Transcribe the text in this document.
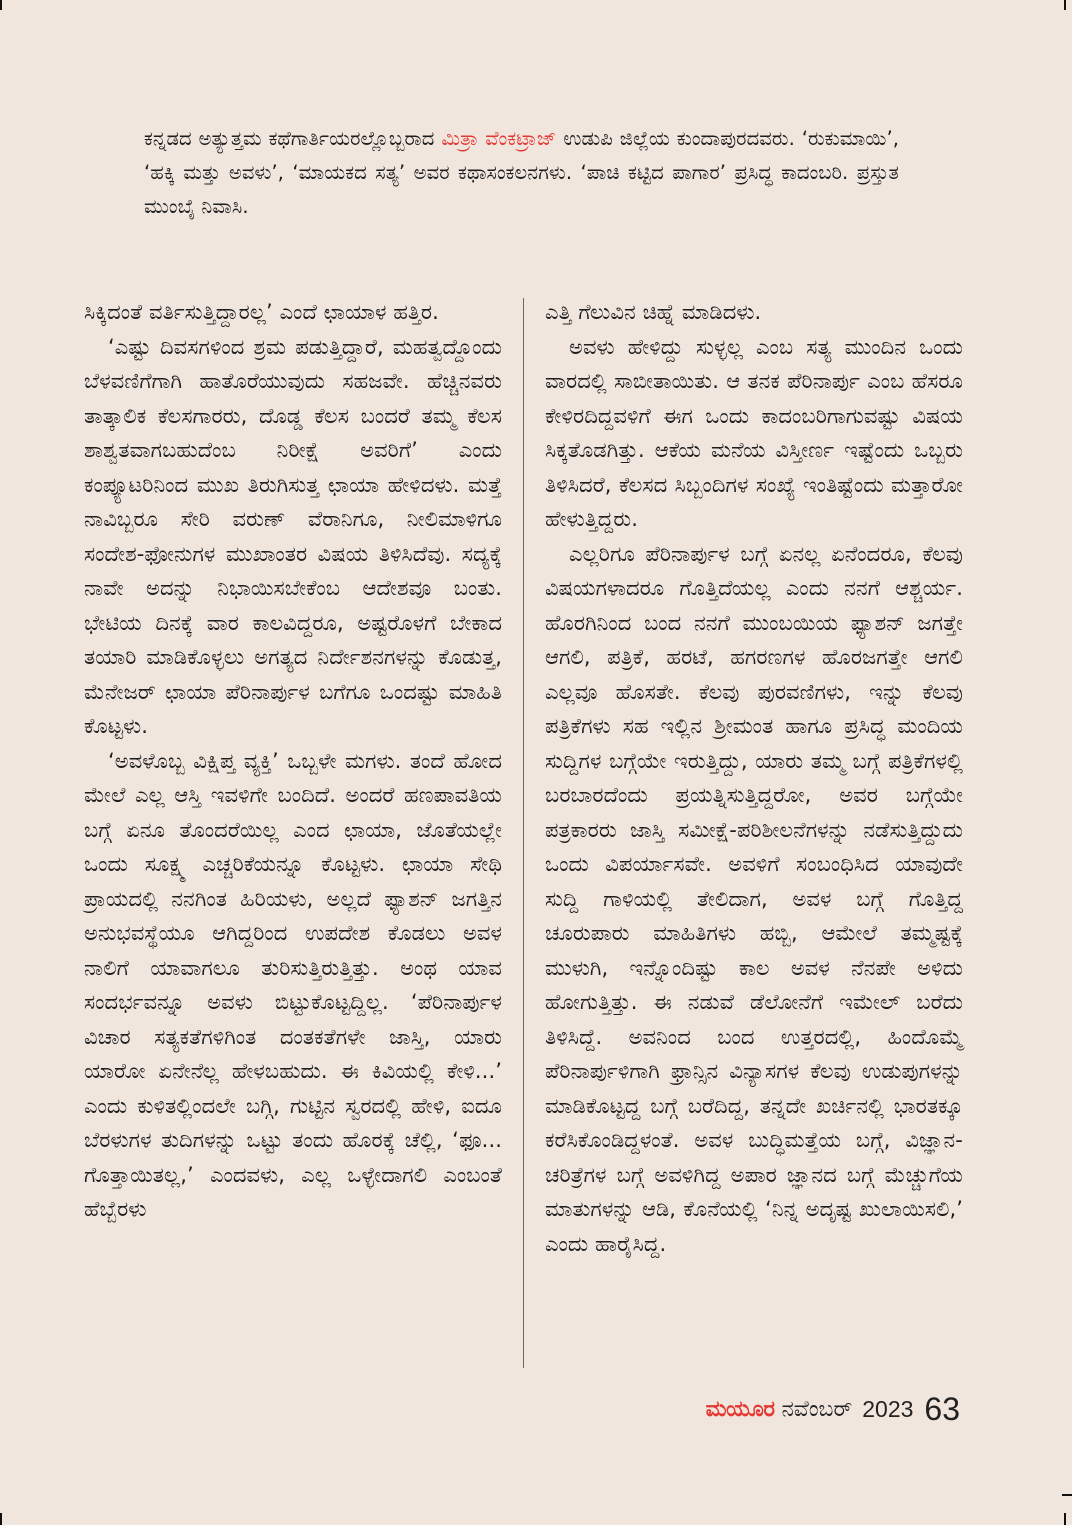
ಕನ್ನಡದ ಅತ್ಯುತ್ತಮ ಕಥೆಗಾರ್ತಿಯರಲ್ಲೊಬ್ಬರಾದ ಮಿತ್ರಾ ವೆಂಕಟ್ರಾಜ್ ಉಡುಪಿ ಜಿಲ್ಲೆಯ ಕುಂದಾಪುರದವರು. ‘ರುಕುಮಾಯಿ’, ‘ಹಕ್ಕಿ ಮತ್ತು ಅವಳು’, ‘ಮಾಯಕದ ಸತ್ಯ’ ಅವರ ಕಥಾಸಂಕಲನಗಳು. ‘ಪಾಚಿ ಕಟ್ಟಿದ ಪಾಗಾರ’ ಪ್ರಸಿದ್ಧ ಕಾದಂಬರಿ. ಪ್ರಸ್ತುತ ಮುಂಬೈ ನಿವಾಸಿ.

ಸಿಕ್ಕಿದಂತೆ ವರ್ತಿಸುತ್ತಿದ್ದಾರಲ್ಲ’ ಎಂದೆ ಛಾಯಾಳ ಹತ್ತಿರ.

‘ಎಷ್ಟು ದಿವಸಗಳಿಂದ ಶ್ರಮ ಪಡುತ್ತಿದ್ದಾರೆ, ಮಹತ್ವದ್ದೊಂದು ಬೆಳವಣಿಗೆಗಾಗಿ ಹಾತೊರೆಯುವುದು ಸಹಜವೇ. ಹೆಚ್ಚಿನವರು ತಾತ್ಕಾಲಿಕ ಕೆಲಸಗಾರರು, ದೊಡ್ಡ ಕೆಲಸ ಬಂದರೆ ತಮ್ಮ ಕೆಲಸ ಶಾಶ್ವತವಾಗಬಹುದೆಂಬ ನಿರೀಕ್ಷೆ ಅವರಿಗೆ’ ಎಂದು ಕಂಪ್ಯೂಟರಿನಿಂದ ಮುಖ ತಿರುಗಿಸುತ್ತ ಛಾಯಾ ಹೇಳಿದಳು. ಮತ್ತೆ ನಾವಿಬ್ಬರೂ ಸೇರಿ ವರುಣ್ ವೆರಾನಿಗೂ, ನೀಲಿಮಾಳಿಗೂ ಸಂದೇಶ-ಫೋನುಗಳ ಮುಖಾಂತರ ವಿಷಯ ತಿಳಿಸಿದೆವು. ಸದ್ಯಕ್ಕೆ ನಾವೇ ಅದನ್ನು ನಿಭಾಯಿಸಬೇಕೆಂಬ ಆದೇಶವೂ ಬಂತು. ಭೇಟಿಯ ದಿನಕ್ಕೆ ವಾರ ಕಾಲವಿದ್ದರೂ, ಅಷ್ಟರೊಳಗೆ ಬೇಕಾದ ತಯಾರಿ ಮಾಡಿಕೊಳ್ಳಲು ಅಗತ್ಯದ ನಿರ್ದೇಶನಗಳನ್ನು ಕೊಡುತ್ತ, ಮೆನೇಜರ್ ಛಾಯಾ ಪೆರಿನಾರ್ಪುಳ ಬಗೆಗೂ ಒಂದಷ್ಟು ಮಾಹಿತಿ ಕೊಟ್ಟಳು.

‘ಅವಳೊಬ್ಬ ವಿಕ್ಷಿಪ್ತ ವ್ಯಕ್ತಿ’ ಒಬ್ಬಳೇ ಮಗಳು. ತಂದೆ ಹೋದ ಮೇಲೆ ಎಲ್ಲ ಆಸ್ತಿ ಇವಳಿಗೇ ಬಂದಿದೆ. ಅಂದರೆ ಹಣಪಾವತಿಯ ಬಗ್ಗೆ ಏನೂ ತೊಂದರೆಯಿಲ್ಲ ಎಂದ ಛಾಯಾ, ಜೊತೆಯಲ್ಲೇ ಒಂದು ಸೂಕ್ಷ್ಮ ಎಚ್ಚರಿಕೆಯನ್ನೂ ಕೊಟ್ಟಳು. ಛಾಯಾ ಸೇಥಿ ಪ್ರಾಯದಲ್ಲಿ ನನಗಿಂತ ಹಿರಿಯಳು, ಅಲ್ಲದೆ ಫ್ಯಾಶನ್ ಜಗತ್ತಿನ ಅನುಭವಸ್ಥೆಯೂ ಆಗಿದ್ದರಿಂದ ಉಪದೇಶ ಕೊಡಲು ಅವಳ ನಾಲಿಗೆ ಯಾವಾಗಲೂ ತುರಿಸುತ್ತಿರುತ್ತಿತ್ತು. ಅಂಥ ಯಾವ ಸಂದರ್ಭವನ್ನೂ ಅವಳು ಬಿಟ್ಟುಕೊಟ್ಟದ್ದಿಲ್ಲ. ‘ಪೆರಿನಾರ್ಪುಳ ವಿಚಾರ ಸತ್ಯಕತೆಗಳಿಗಿಂತ ದಂತಕತೆಗಳೇ ಜಾಸ್ತಿ, ಯಾರು ಯಾರೋ ಏನೇನೆಲ್ಲ ಹೇಳಬಹುದು. ಈ ಕಿವಿಯಲ್ಲಿ ಕೇಳಿ...’ ಎಂದು ಕುಳಿತಲ್ಲಿಂದಲೇ ಬಗ್ಗಿ, ಗುಟ್ಟಿನ ಸ್ವರದಲ್ಲಿ ಹೇಳಿ, ಐದೂ ಬೆರಳುಗಳ ತುದಿಗಳನ್ನು ಒಟ್ಟು ತಂದು ಹೊರಕ್ಕೆ ಚೆಲ್ಲಿ, ‘ಫೂ... ಗೊತ್ತಾಯಿತಲ್ಲ,’ ಎಂದವಳು, ಎಲ್ಲ ಒಳ್ಳೇದಾಗಲಿ ಎಂಬಂತೆ ಹೆಬ್ಬೆರಳು

ಎತ್ತಿ ಗೆಲುವಿನ ಚಿಹ್ನೆ ಮಾಡಿದಳು.

ಅವಳು ಹೇಳಿದ್ದು ಸುಳ್ಳಲ್ಲ ಎಂಬ ಸತ್ಯ ಮುಂದಿನ ಒಂದು ವಾರದಲ್ಲಿ ಸಾಬೀತಾಯಿತು. ಆ ತನಕ ಪೆರಿನಾರ್ಪು ಎಂಬ ಹೆಸರೂ ಕೇಳಿರದಿದ್ದವಳಿಗೆ ಈಗ ಒಂದು ಕಾದಂಬರಿಗಾಗುವಷ್ಟು ವಿಷಯ ಸಿಕ್ಕತೊಡಗಿತ್ತು. ಆಕೆಯ ಮನೆಯ ವಿಸ್ತೀರ್ಣ ಇಷ್ಟೆಂದು ಒಬ್ಬರು ತಿಳಿಸಿದರೆ, ಕೆಲಸದ ಸಿಬ್ಬಂದಿಗಳ ಸಂಖ್ಯೆ ಇಂತಿಷ್ಟೆಂದು ಮತ್ತಾರೋ ಹೇಳುತ್ತಿದ್ದರು.

ಎಲ್ಲರಿಗೂ ಪೆರಿನಾರ್ಪುಳ ಬಗ್ಗೆ ಏನಲ್ಲ ಏನೆಂದರೂ, ಕೆಲವು ವಿಷಯಗಳಾದರೂ ಗೊತ್ತಿದೆಯಲ್ಲ ಎಂದು ನನಗೆ ಆಶ್ಚರ್ಯ. ಹೊರಗಿನಿಂದ ಬಂದ ನನಗೆ ಮುಂಬಯಿಯ ಫ್ಯಾಶನ್ ಜಗತ್ತೇ ಆಗಲಿ, ಪತ್ರಿಕೆ, ಹರಟೆ, ಹಗರಣಗಳ ಹೊರಜಗತ್ತೇ ಆಗಲಿ ಎಲ್ಲವೂ ಹೊಸತೇ. ಕೆಲವು ಪುರವಣಿಗಳು, ಇನ್ನು ಕೆಲವು ಪತ್ರಿಕೆಗಳು ಸಹ ಇಲ್ಲಿನ ಶ್ರೀಮಂತ ಹಾಗೂ ಪ್ರಸಿದ್ಧ ಮಂದಿಯ ಸುದ್ದಿಗಳ ಬಗ್ಗೆಯೇ ಇರುತ್ತಿದ್ದು, ಯಾರು ತಮ್ಮ ಬಗ್ಗೆ ಪತ್ರಿಕೆಗಳಲ್ಲಿ ಬರಬಾರದೆಂದು ಪ್ರಯತ್ನಿಸುತ್ತಿದ್ದರೋ, ಅವರ ಬಗ್ಗೆಯೇ ಪತ್ರಕಾರರು ಜಾಸ್ತಿ ಸಮೀಕ್ಷೆ-ಪರಿಶೀಲನೆಗಳನ್ನು ನಡೆಸುತ್ತಿದ್ದುದು ಒಂದು ವಿಪರ್ಯಾಸವೇ. ಅವಳಿಗೆ ಸಂಬಂಧಿಸಿದ ಯಾವುದೇ ಸುದ್ದಿ ಗಾಳಿಯಲ್ಲಿ ತೇಲಿದಾಗ, ಅವಳ ಬಗ್ಗೆ ಗೊತ್ತಿದ್ದ ಚೂರುಪಾರು ಮಾಹಿತಿಗಳು ಹಬ್ಬಿ, ಆಮೇಲೆ ತಮ್ಮಷ್ಟಕ್ಕೆ ಮುಳುಗಿ, ಇನ್ನೊಂದಿಷ್ಟು ಕಾಲ ಅವಳ ನೆನಪೇ ಅಳಿದು ಹೋಗುತ್ತಿತ್ತು. ಈ ನಡುವೆ ಡೆಲೋನೆಗೆ ಇಮೇಲ್ ಬರೆದು ತಿಳಿಸಿದ್ದೆ. ಅವನಿಂದ ಬಂದ ಉತ್ತರದಲ್ಲಿ, ಹಿಂದೊಮ್ಮೆ ಪೆರಿನಾರ್ಪುಳಿಗಾಗಿ ಫ್ರಾನ್ಸಿನ ವಿನ್ಯಾಸಗಳ ಕೆಲವು ಉಡುಪುಗಳನ್ನು ಮಾಡಿಕೊಟ್ಟದ್ದ ಬಗ್ಗೆ ಬರೆದಿದ್ದ, ತನ್ನದೇ ಖರ್ಚಿನಲ್ಲಿ ಭಾರತಕ್ಕೂ ಕರೆಸಿಕೊಂಡಿದ್ದಳಂತೆ. ಅವಳ ಬುದ್ಧಿಮತ್ತೆಯ ಬಗ್ಗೆ, ವಿಜ್ಞಾನ-ಚರಿತ್ರೆಗಳ ಬಗ್ಗೆ ಅವಳಿಗಿದ್ದ ಅಪಾರ ಜ್ಞಾನದ ಬಗ್ಗೆ ಮೆಚ್ಚುಗೆಯ ಮಾತುಗಳನ್ನು ಆಡಿ, ಕೊನೆಯಲ್ಲಿ ‘ನಿನ್ನ ಅದೃಷ್ಟ ಖುಲಾಯಿಸಲಿ,’ ಎಂದು ಹಾರೈಸಿದ್ದ.

ಮಯೂರ ನವೆಂಬರ್ 2023 63
